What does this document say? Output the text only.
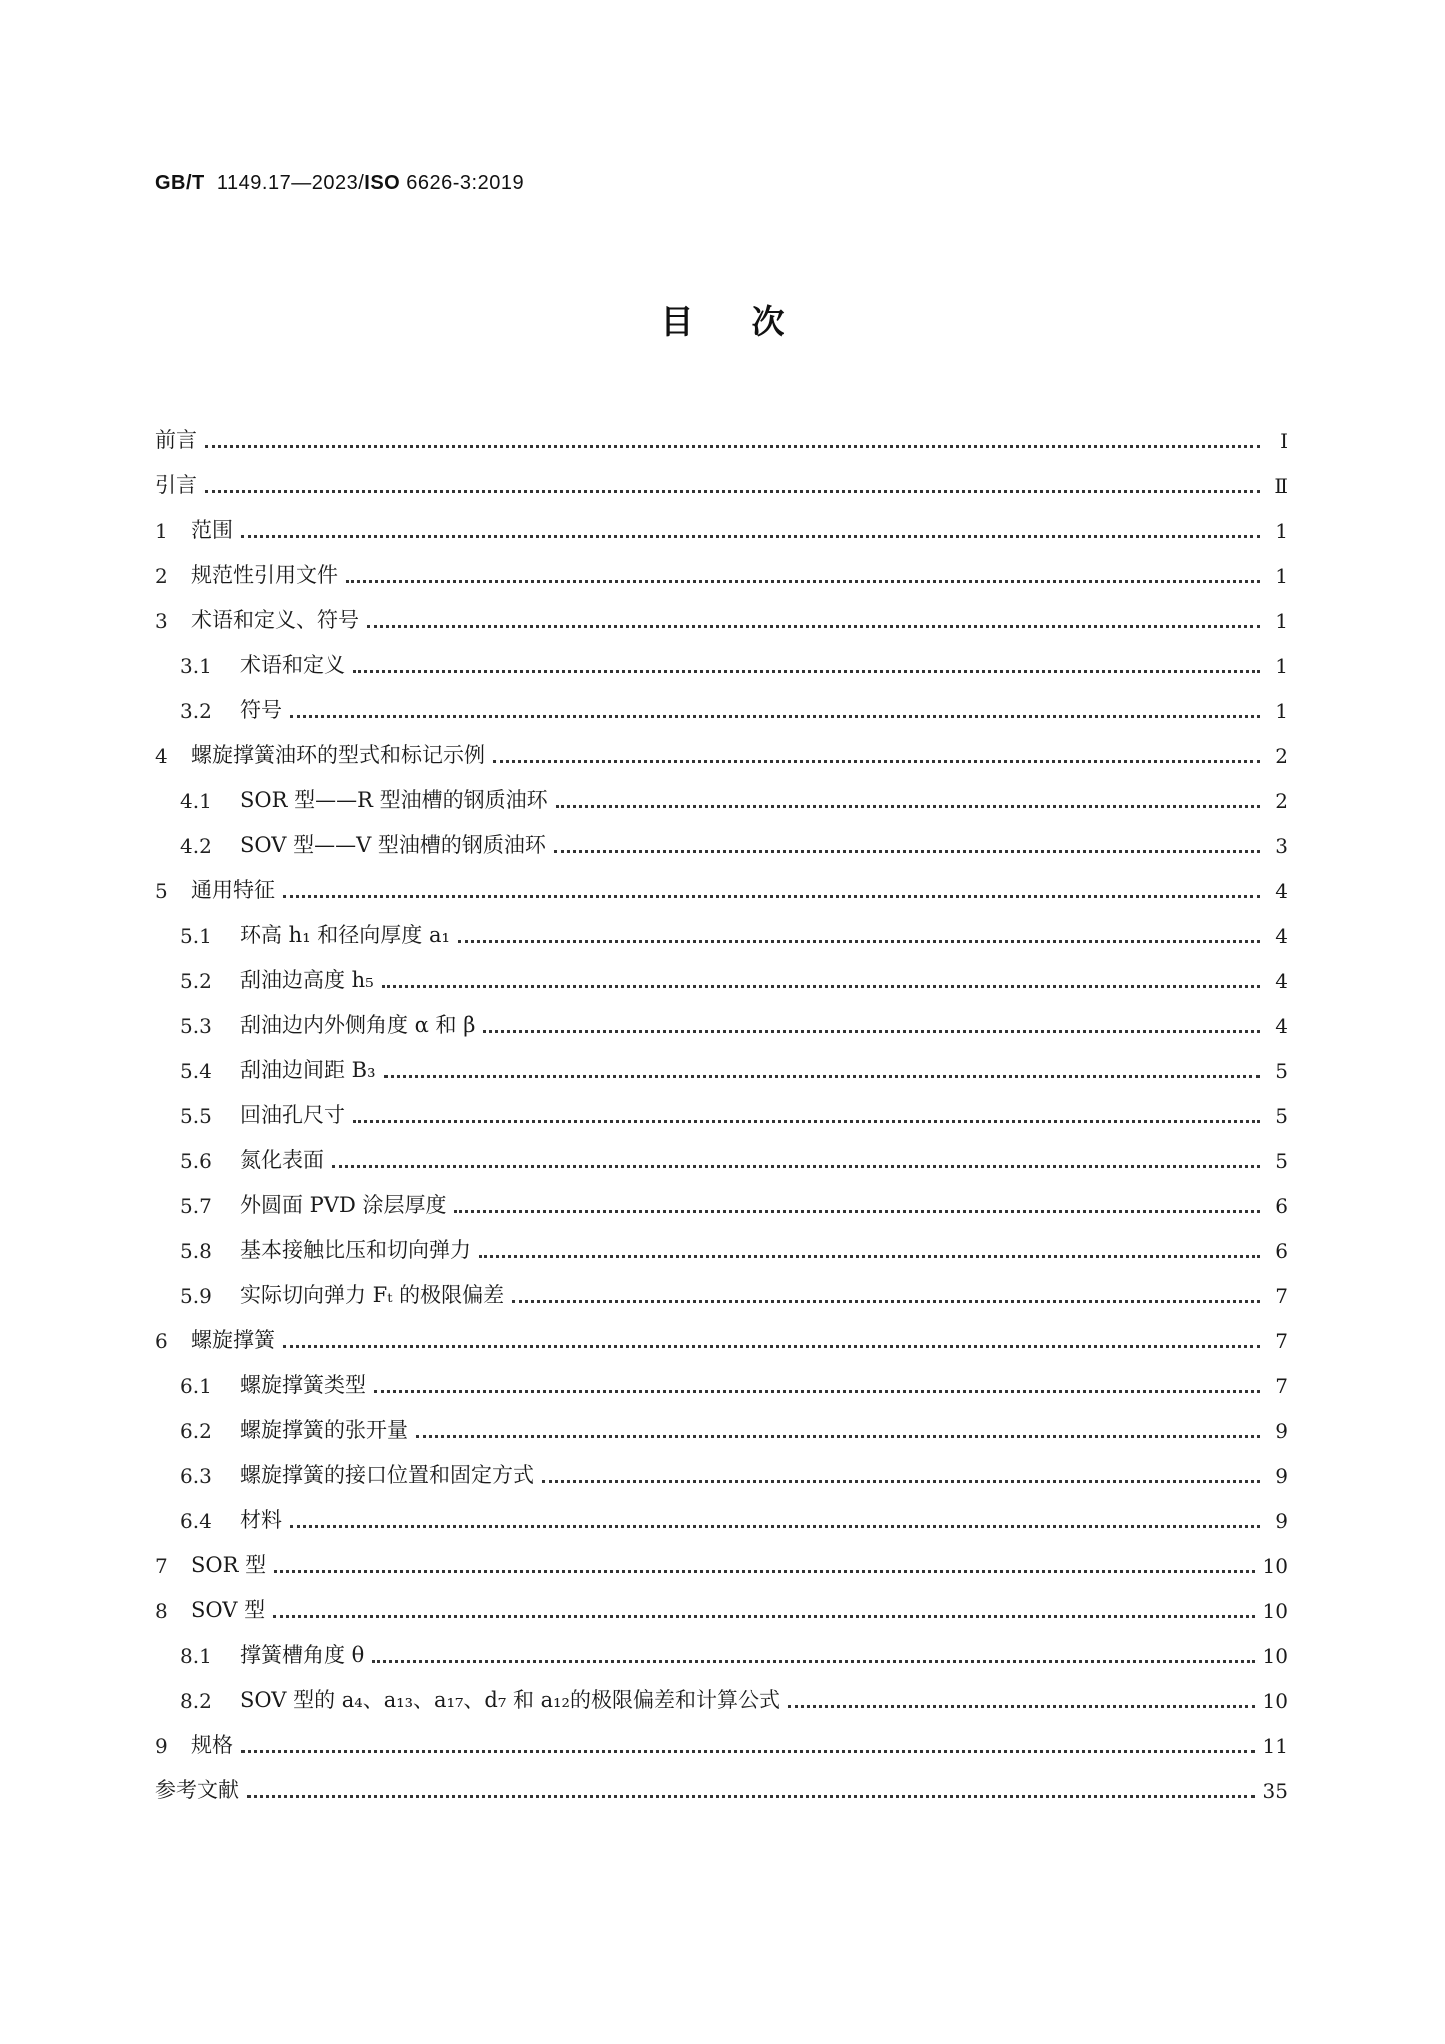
GB/T 1149.17—2023/ISO 6626-3:2019
目次
前言	Ⅰ
引言	Ⅱ
1	范围	1
2	规范性引用文件	1
3	术语和定义、符号	1
3.1	术语和定义	1
3.2	符号	1
4	螺旋撑簧油环的型式和标记示例	2
4.1	SOR 型——R 型油槽的钢质油环	2
4.2	SOV 型——V 型油槽的钢质油环	3
5	通用特征	4
5.1	环高 h₁ 和径向厚度 a₁	4
5.2	刮油边高度 h₅	4
5.3	刮油边内外侧角度 α 和 β	4
5.4	刮油边间距 B₃	5
5.5	回油孔尺寸	5
5.6	氮化表面	5
5.7	外圆面 PVD 涂层厚度	6
5.8	基本接触比压和切向弹力	6
5.9	实际切向弹力 Fₜ 的极限偏差	7
6	螺旋撑簧	7
6.1	螺旋撑簧类型	7
6.2	螺旋撑簧的张开量	9
6.3	螺旋撑簧的接口位置和固定方式	9
6.4	材料	9
7	SOR 型	10
8	SOV 型	10
8.1	撑簧槽角度 θ	10
8.2	SOV 型的 a₄、a₁₃、a₁₇、d₇ 和 a₁₂的极限偏差和计算公式	10
9	规格	11
参考文献	35
